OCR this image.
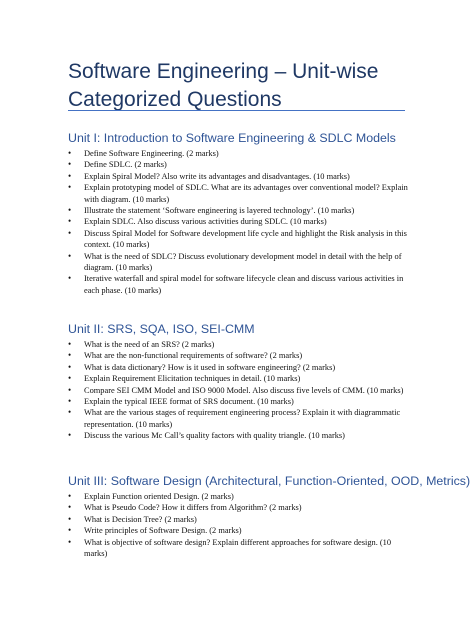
Software Engineering – Unit-wise Categorized Questions
Unit I: Introduction to Software Engineering & SDLC Models
• Define Software Engineering. (2 marks)
• Define SDLC. (2 marks)
• Explain Spiral Model? Also write its advantages and disadvantages. (10 marks)
• Explain prototyping model of SDLC. What are its advantages over conventional model? Explain with diagram. (10 marks)
• Illustrate the statement ‘Software engineering is layered technology’. (10 marks)
• Explain SDLC. Also discuss various activities during SDLC. (10 marks)
• Discuss Spiral Model for Software development life cycle and highlight the Risk analysis in this context. (10 marks)
• What is the need of SDLC? Discuss evolutionary development model in detail with the help of diagram. (10 marks)
• Iterative waterfall and spiral model for software lifecycle clean and discuss various activities in each phase. (10 marks)
Unit II: SRS, SQA, ISO, SEI-CMM
• What is the need of an SRS? (2 marks)
• What are the non-functional requirements of software? (2 marks)
• What is data dictionary? How is it used in software engineering? (2 marks)
• Explain Requirement Elicitation techniques in detail. (10 marks)
• Compare SEI CMM Model and ISO 9000 Model. Also discuss five levels of CMM. (10 marks)
• Explain the typical IEEE format of SRS document. (10 marks)
• What are the various stages of requirement engineering process? Explain it with diagrammatic representation. (10 marks)
• Discuss the various Mc Call’s quality factors with quality triangle. (10 marks)
Unit III: Software Design (Architectural, Function-Oriented, OOD, Metrics)
• Explain Function oriented Design. (2 marks)
• What is Pseudo Code? How it differs from Algorithm? (2 marks)
• What is Decision Tree? (2 marks)
• Write principles of Software Design. (2 marks)
• What is objective of software design? Explain different approaches for software design. (10 marks)
